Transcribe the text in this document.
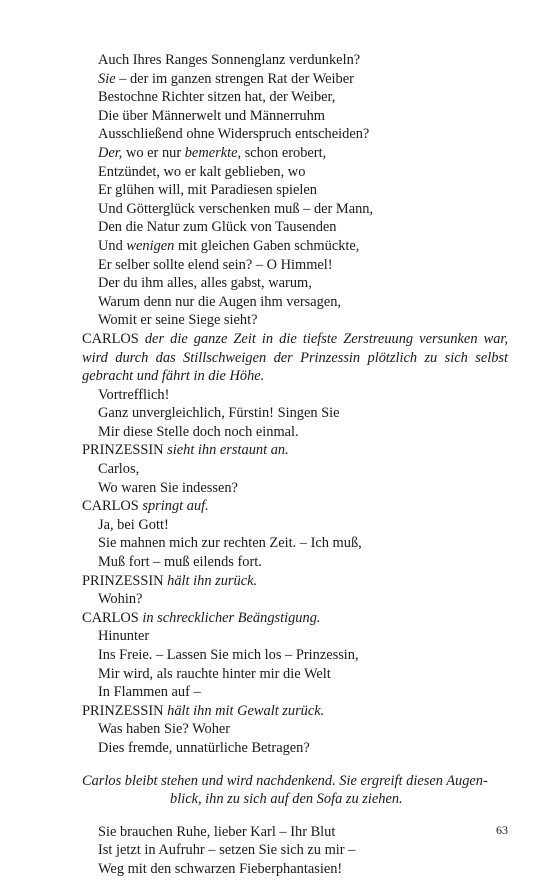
Auch Ihres Ranges Sonnenglanz verdunkeln?
Sie – der im ganzen strengen Rat der Weiber
Bestochne Richter sitzen hat, der Weiber,
Die über Männerwelt und Männerruhm
Ausschließend ohne Widerspruch entscheiden?
Der, wo er nur bemerkte, schon erobert,
Entzündet, wo er kalt geblieben, wo
Er glühen will, mit Paradiesen spielen
Und Götterglück verschenken muß – der Mann,
Den die Natur zum Glück von Tausenden
Und wenigen mit gleichen Gaben schmückte,
Er selber sollte elend sein? – O Himmel!
Der du ihm alles, alles gabst, warum,
Warum denn nur die Augen ihm versagen,
Womit er seine Siege sieht?
CARLOS der die ganze Zeit in die tiefste Zerstreuung versunken war,
wird durch das Stillschweigen der Prinzessin plötzlich zu sich selbst
gebracht und fährt in die Höhe.
Vortrefflich!
Ganz unvergleichlich, Fürstin! Singen Sie
Mir diese Stelle doch noch einmal.
PRINZESSIN sieht ihn erstaunt an.
Carlos,
Wo waren Sie indessen?
CARLOS springt auf.
Ja, bei Gott!
Sie mahnen mich zur rechten Zeit. – Ich muß,
Muß fort – muß eilends fort.
PRINZESSIN hält ihn zurück.
Wohin?
CARLOS in schrecklicher Beängstigung.
Hinunter
Ins Freie. – Lassen Sie mich los – Prinzessin,
Mir wird, als rauchte hinter mir die Welt
In Flammen auf –
PRINZESSIN hält ihn mit Gewalt zurück.
Was haben Sie? Woher
Dies fremde, unnatürliche Betragen?
Carlos bleibt stehen und wird nachdenkend. Sie ergreift diesen Augen-
blick, ihn zu sich auf den Sofa zu ziehen.
Sie brauchen Ruhe, lieber Karl – Ihr Blut
Ist jetzt in Aufruhr – setzen Sie sich zu mir –
Weg mit den schwarzen Fieberphantasien!
63
